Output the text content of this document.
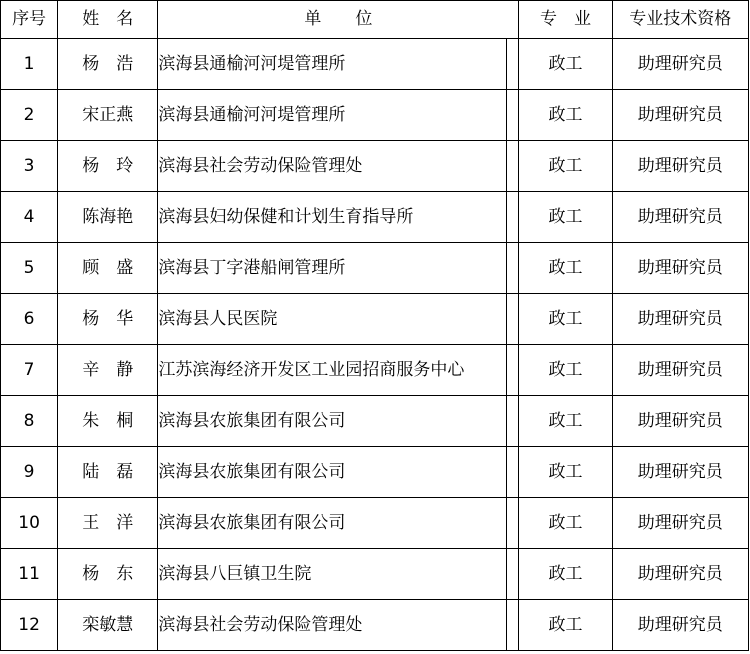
序号	姓　名	单　　位		专　业	专业技术资格
1	杨　浩	滨海县通榆河河堤管理所		政工	助理研究员
2	宋正燕	滨海县通榆河河堤管理所		政工	助理研究员
3	杨　玲	滨海县社会劳动保险管理处		政工	助理研究员
4	陈海艳	滨海县妇幼保健和计划生育指导所		政工	助理研究员
5	顾　盛	滨海县丁字港船闸管理所		政工	助理研究员
6	杨　华	滨海县人民医院		政工	助理研究员
7	辛　静	江苏滨海经济开发区工业园招商服务中心		政工	助理研究员
8	朱　桐	滨海县农旅集团有限公司		政工	助理研究员
9	陆　磊	滨海县农旅集团有限公司		政工	助理研究员
10	王　洋	滨海县农旅集团有限公司		政工	助理研究员
11	杨　东	滨海县八巨镇卫生院		政工	助理研究员
12	栾敏慧	滨海县社会劳动保险管理处		政工	助理研究员
